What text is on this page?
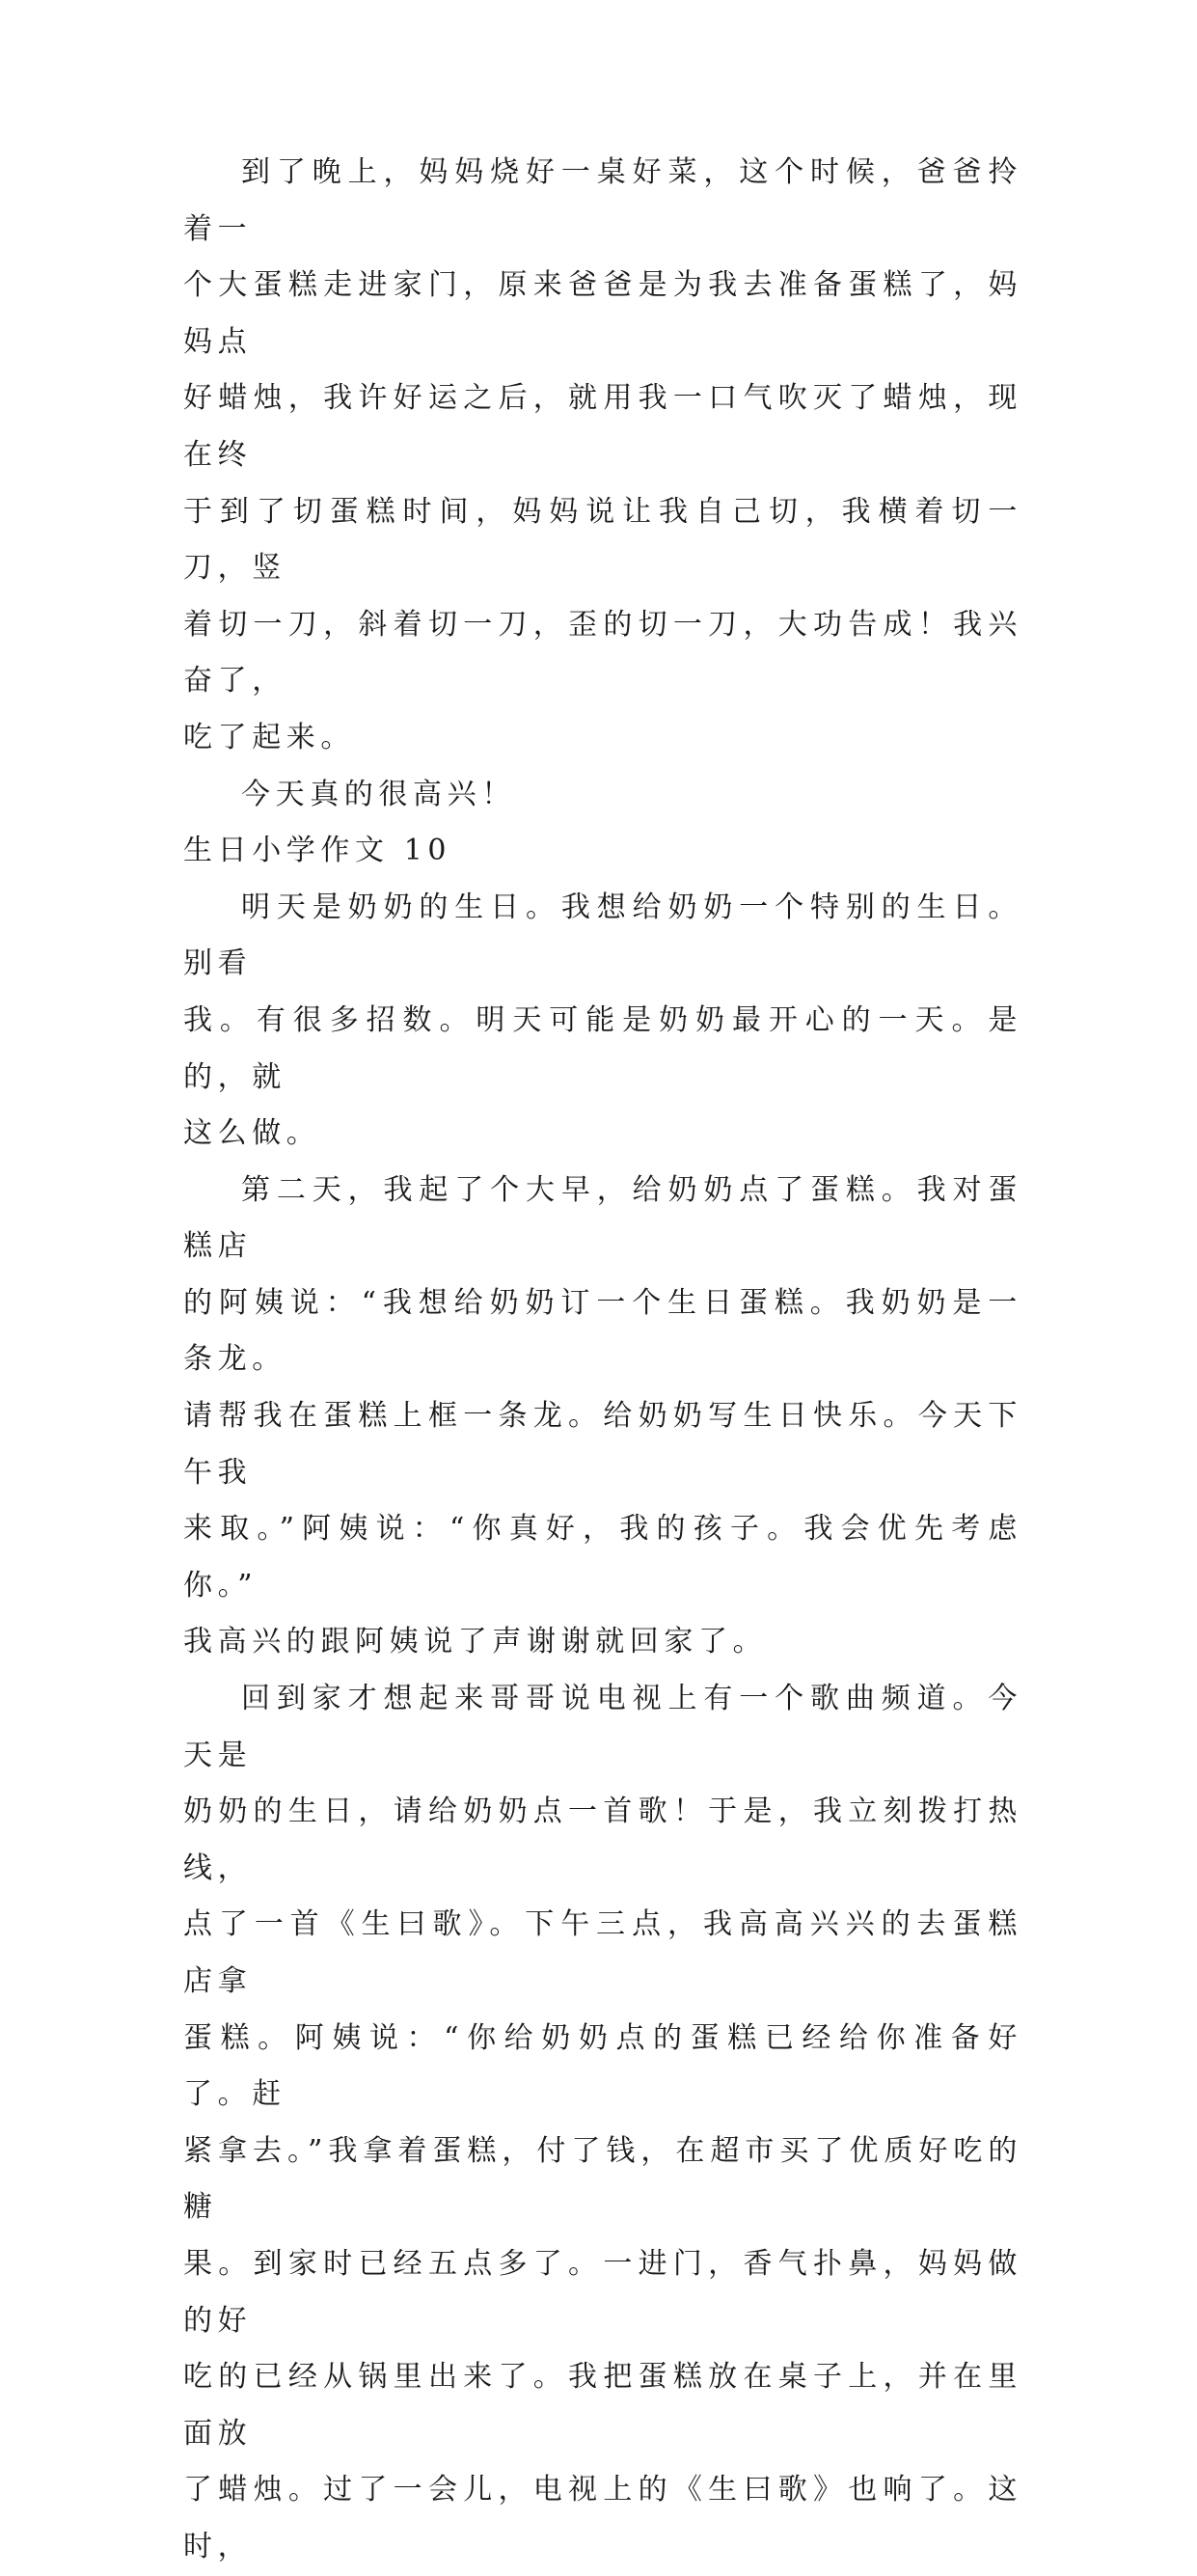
到了晚上，妈妈烧好一桌好菜，这个时候，爸爸拎着一
个大蛋糕走进家门，原来爸爸是为我去准备蛋糕了，妈妈点
好蜡烛，我许好运之后，就用我一口气吹灭了蜡烛，现在终
于到了切蛋糕时间，妈妈说让我自己切，我横着切一刀，竖
着切一刀，斜着切一刀，歪的切一刀，大功告成！我兴奋了，
吃了起来。

今天真的很高兴！

生日小学作文 10

明天是奶奶的生日。我想给奶奶一个特别的生日。别看
我。有很多招数。明天可能是奶奶最开心的一天。是的，就
这么做。

第二天，我起了个大早，给奶奶点了蛋糕。我对蛋糕店
的阿姨说：“我想给奶奶订一个生日蛋糕。我奶奶是一条龙。
请帮我在蛋糕上框一条龙。给奶奶写生日快乐。今天下午我
来取。”阿姨说：“你真好，我的孩子。我会优先考虑你。”
我高兴的跟阿姨说了声谢谢就回家了。

回到家才想起来哥哥说电视上有一个歌曲频道。今天是
奶奶的生日，请给奶奶点一首歌！于是，我立刻拨打热线，
点了一首《生曰歌》。下午三点，我高高兴兴的去蛋糕店拿
蛋糕。阿姨说：“你给奶奶点的蛋糕已经给你准备好了。赶
紧拿去。”我拿着蛋糕，付了钱，在超市买了优质好吃的糖
果。到家时已经五点多了。一进门，香气扑鼻，妈妈做的好
吃的已经从锅里出来了。我把蛋糕放在桌子上，并在里面放
了蜡烛。过了一会儿，电视上的《生曰歌》也响了。这时，
